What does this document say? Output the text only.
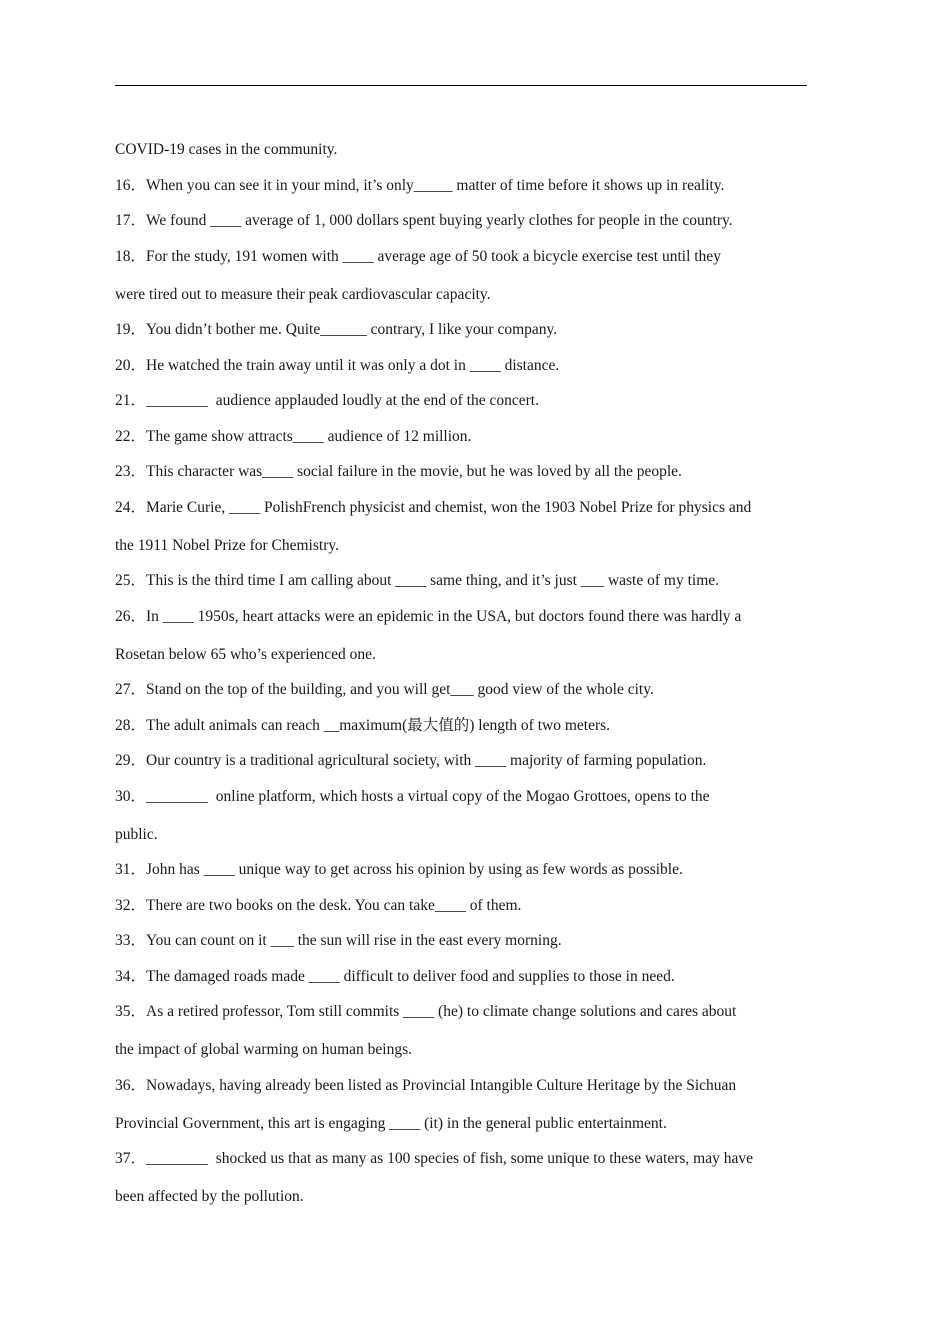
COVID-19 cases in the community.
16．When you can see it in your mind, it’s only_____ matter of time before it shows up in reality.
17．We found ____ average of 1, 000 dollars spent buying yearly clothes for people in the country.
18．For the study, 191 women with ____ average age of 50 took a bicycle exercise test until they
were tired out to measure their peak cardiovascular capacity.
19．You didn’t bother me. Quite______ contrary, I like your company.
20．He watched the train away until it was only a dot in ____ distance.
21．________  audience applauded loudly at the end of the concert.
22．The game show attracts____ audience of 12 million.
23．This character was____ social failure in the movie, but he was loved by all the people.
24．Marie Curie, ____ PolishFrench physicist and chemist, won the 1903 Nobel Prize for physics and
the 1911 Nobel Prize for Chemistry.
25．This is the third time I am calling about ____ same thing, and it’s just ___ waste of my time.
26．In ____ 1950s, heart attacks were an epidemic in the USA, but doctors found there was hardly a
Rosetan below 65 who’s experienced one.
27．Stand on the top of the building, and you will get___ good view of the whole city.
28．The adult animals can reach __maximum(最大值的) length of two meters.
29．Our country is a traditional agricultural society, with ____ majority of farming population.
30．________  online platform, which hosts a virtual copy of the Mogao Grottoes, opens to the
public.
31．John has ____ unique way to get across his opinion by using as few words as possible.
32．There are two books on the desk. You can take____ of them.
33．You can count on it ___ the sun will rise in the east every morning.
34．The damaged roads made ____ difficult to deliver food and supplies to those in need.
35．As a retired professor, Tom still commits ____ (he) to climate change solutions and cares about
the impact of global warming on human beings.
36．Nowadays, having already been listed as Provincial Intangible Culture Heritage by the Sichuan
Provincial Government, this art is engaging ____ (it) in the general public entertainment.
37．________  shocked us that as many as 100 species of fish, some unique to these waters, may have
been affected by the pollution.
